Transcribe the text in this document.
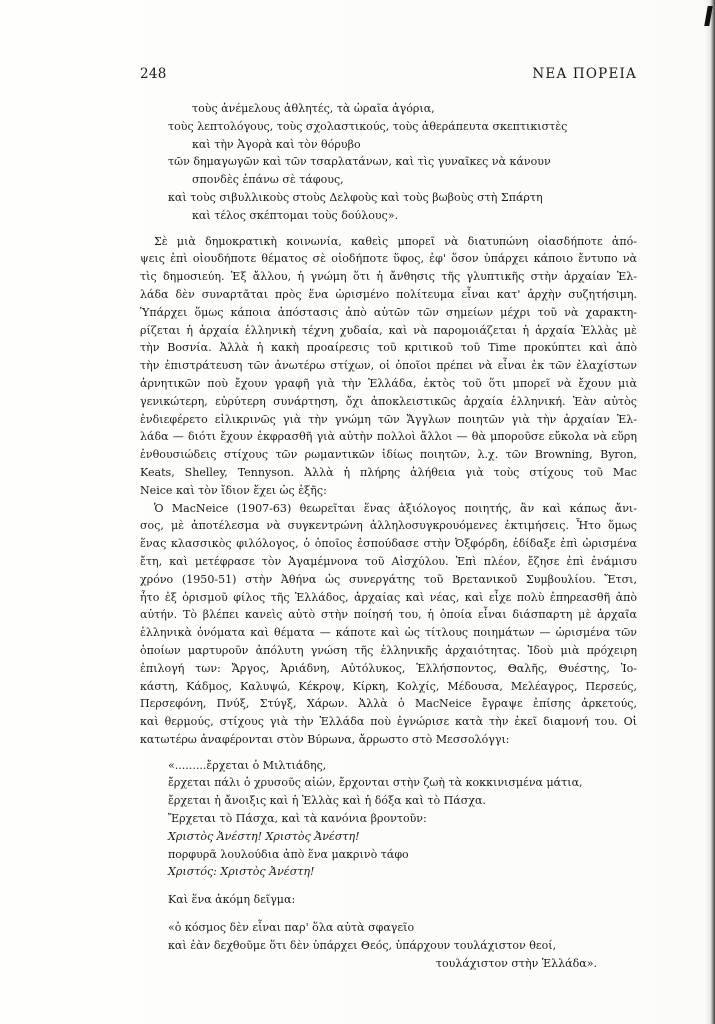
248	ΝΕΑ ΠΟΡΕΙΑ
τοὺς ἀνέμελους ἀθλητές, τὰ ὡραῖα ἀγόρια,
τοὺς λεπτολόγους, τοὺς σχολαστικούς, τοὺς ἀθεράπευτα σκεπτικιστὲς
καὶ τὴν Ἀγορὰ καὶ τὸν θόρυβο
τῶν δημαγωγῶν καὶ τῶν τσαρλατάνων, καὶ τὶς γυναῖκες νὰ κάνουν
σπονδὲς ἐπάνω σὲ τάφους,
καὶ τοὺς σιβυλλικοὺς στοὺς Δελφοὺς καὶ τοὺς βωβοὺς στὴ Σπάρτη
καὶ τέλος σκέπτομαι τοὺς δούλους».
Σὲ μιὰ δημοκρατικὴ κοινωνία, καθεὶς μπορεῖ νὰ διατυπώνη οἱασδήποτε ἀπό-
ψεις ἐπὶ οἱουδήποτε θέματος σὲ οἱοδήποτε ὕφος, ἐφ' ὅσον ὑπάρχει κάποιο ἔντυπο νὰ
τὶς δημοσιεύη. Ἐξ ἄλλου, ἡ γνώμη ὅτι ἡ ἄνθησις τῆς γλυπτικῆς στὴν ἀρχαίαν Ἑλ-
λάδα δὲν συναρτᾶται πρὸς ἕνα ὡρισμένο πολίτευμα εἶναι κατ' ἀρχὴν συζητήσιμη.
Ὑπάρχει ὅμως κάποια ἀπόστασις ἀπὸ αὐτῶν τῶν σημείων μέχρι τοῦ νὰ χαρακτη-
ρίζεται ἡ ἀρχαία ἑλληνικὴ τέχνη χυδαία, καὶ νὰ παρομοιάζεται ἡ ἀρχαία Ἑλλὰς μὲ
τὴν Βοσνία. Ἀλλὰ ἡ κακὴ προαίρεσις τοῦ κριτικοῦ τοῦ Time προκύπτει καὶ ἀπὸ
τὴν ἐπιστράτευση τῶν ἀνωτέρω στίχων, οἱ ὁποῖοι πρέπει νὰ εἶναι ἐκ τῶν ἐλαχίστων
ἀρνητικῶν ποὺ ἔχουν γραφῆ γιὰ τὴν Ἑλλάδα, ἐκτὸς τοῦ ὅτι μπορεῖ νὰ ἔχουν μιὰ
γενικώτερη, εὐρύτερη συνάρτηση, ὄχι ἀποκλειστικῶς ἀρχαία ἑλληνική. Ἐὰν αὐτὸς
ἐνδιεφέρετο εἰλικρινῶς γιὰ τὴν γνώμη τῶν Ἄγγλων ποιητῶν γιὰ τὴν ἀρχαίαν Ἑλ-
λάδα — διότι ἔχουν ἐκφρασθῆ γιὰ αὐτὴν πολλοὶ ἄλλοι — θὰ μποροῦσε εὔκολα νὰ εὕρη
ἐνθουσιώδεις στίχους τῶν ρωμαντικῶν ἰδίως ποιητῶν, λ.χ. τῶν Browning, Byron,
Keats, Shelley, Tennyson. Ἀλλὰ ἡ πλήρης ἀλήθεια γιὰ τοὺς στίχους τοῦ Mac
Neice καὶ τὸν ἴδιον ἔχει ὡς ἑξῆς:
Ὁ MacNeice (1907-63) θεωρεῖται ἕνας ἀξιόλογος ποιητής, ἂν καὶ κάπως ἄνι-
σος, μὲ ἀποτέλεσμα νὰ συγκεντρώνη ἀλληλοσυγκρουόμενες ἐκτιμήσεις. Ἦτο ὅμως
ἕνας κλασσικὸς φιλόλογος, ὁ ὁποῖος ἐσπούδασε στὴν Ὀξφόρδη, ἐδίδαξε ἐπὶ ὡρισμένα
ἔτη, καὶ μετέφρασε τὸν Ἀγαμέμνονα τοῦ Αἰσχύλου. Ἐπὶ πλέον, ἔζησε ἐπὶ ἐνάμισυ
χρόνο (1950-51) στὴν Ἀθήνα ὡς συνεργάτης τοῦ Βρετανικοῦ Συμβουλίου. Ἔτσι,
ἦτο ἐξ ὁρισμοῦ φίλος τῆς Ἑλλάδος, ἀρχαίας καὶ νέας, καὶ εἶχε πολὺ ἐπηρεασθῆ ἀπὸ
αὐτήν. Τὸ βλέπει κανεὶς αὐτὸ στὴν ποίησή του, ἡ ὁποία εἶναι διάσπαρτη μὲ ἀρχαῖα
ἑλληνικὰ ὀνόματα καὶ θέματα — κάποτε καὶ ὡς τίτλους ποιημάτων — ὡρισμένα τῶν
ὁποίων μαρτυροῦν ἀπόλυτη γνώση τῆς ἑλληνικῆς ἀρχαιότητας. Ἰδοὺ μιὰ πρόχειρη
ἐπιλογή των: Ἄργος, Ἀριάδνη, Αὐτόλυκος, Ἑλλήσποντος, Θαλῆς, Θυέστης, Ἰο-
κάστη, Κάδμος, Καλυψώ, Κέκροψ, Κίρκη, Κολχίς, Μέδουσα, Μελέαγρος, Περσεύς,
Περσεφόνη, Πνύξ, Στύγξ, Χάρων. Ἀλλὰ ὁ MacNeice ἔγραψε ἐπίσης ἀρκετούς,
καὶ θερμούς, στίχους γιὰ τὴν Ἑλλάδα ποὺ ἐγνώρισε κατὰ τὴν ἐκεῖ διαμονή του. Οἱ
κατωτέρω ἀναφέρονται στὸν Βύρωνα, ἄρρωστο στὸ Μεσσολόγγι:
«.........ἔρχεται ὁ Μιλτιάδης,
ἔρχεται πάλι ὁ χρυσοῦς αἰών, ἔρχονται στὴν ζωὴ τὰ κοκκινισμένα μάτια,
ἔρχεται ἡ ἄνοιξις καὶ ἡ Ἑλλὰς καὶ ἡ δόξα καὶ τὸ Πάσχα.
Ἔρχεται τὸ Πάσχα, καὶ τὰ κανόνια βροντοῦν:
Χριστὸς Ἀνέστη! Χριστὸς Ἀνέστη!
πορφυρᾶ λουλούδια ἀπὸ ἕνα μακρινὸ τάφο
Χριστός: Χριστὸς Ἀνέστη!
Καὶ ἕνα ἀκόμη δεῖγμα:
«ὁ κόσμος δὲν εἶναι παρ' ὅλα αὐτὰ σφαγεῖο
καὶ ἐὰν δεχθοῦμε ὅτι δὲν ὑπάρχει Θεός, ὑπάρχουν τουλάχιστον θεοί,
τουλάχιστον στὴν Ἑλλάδα».
